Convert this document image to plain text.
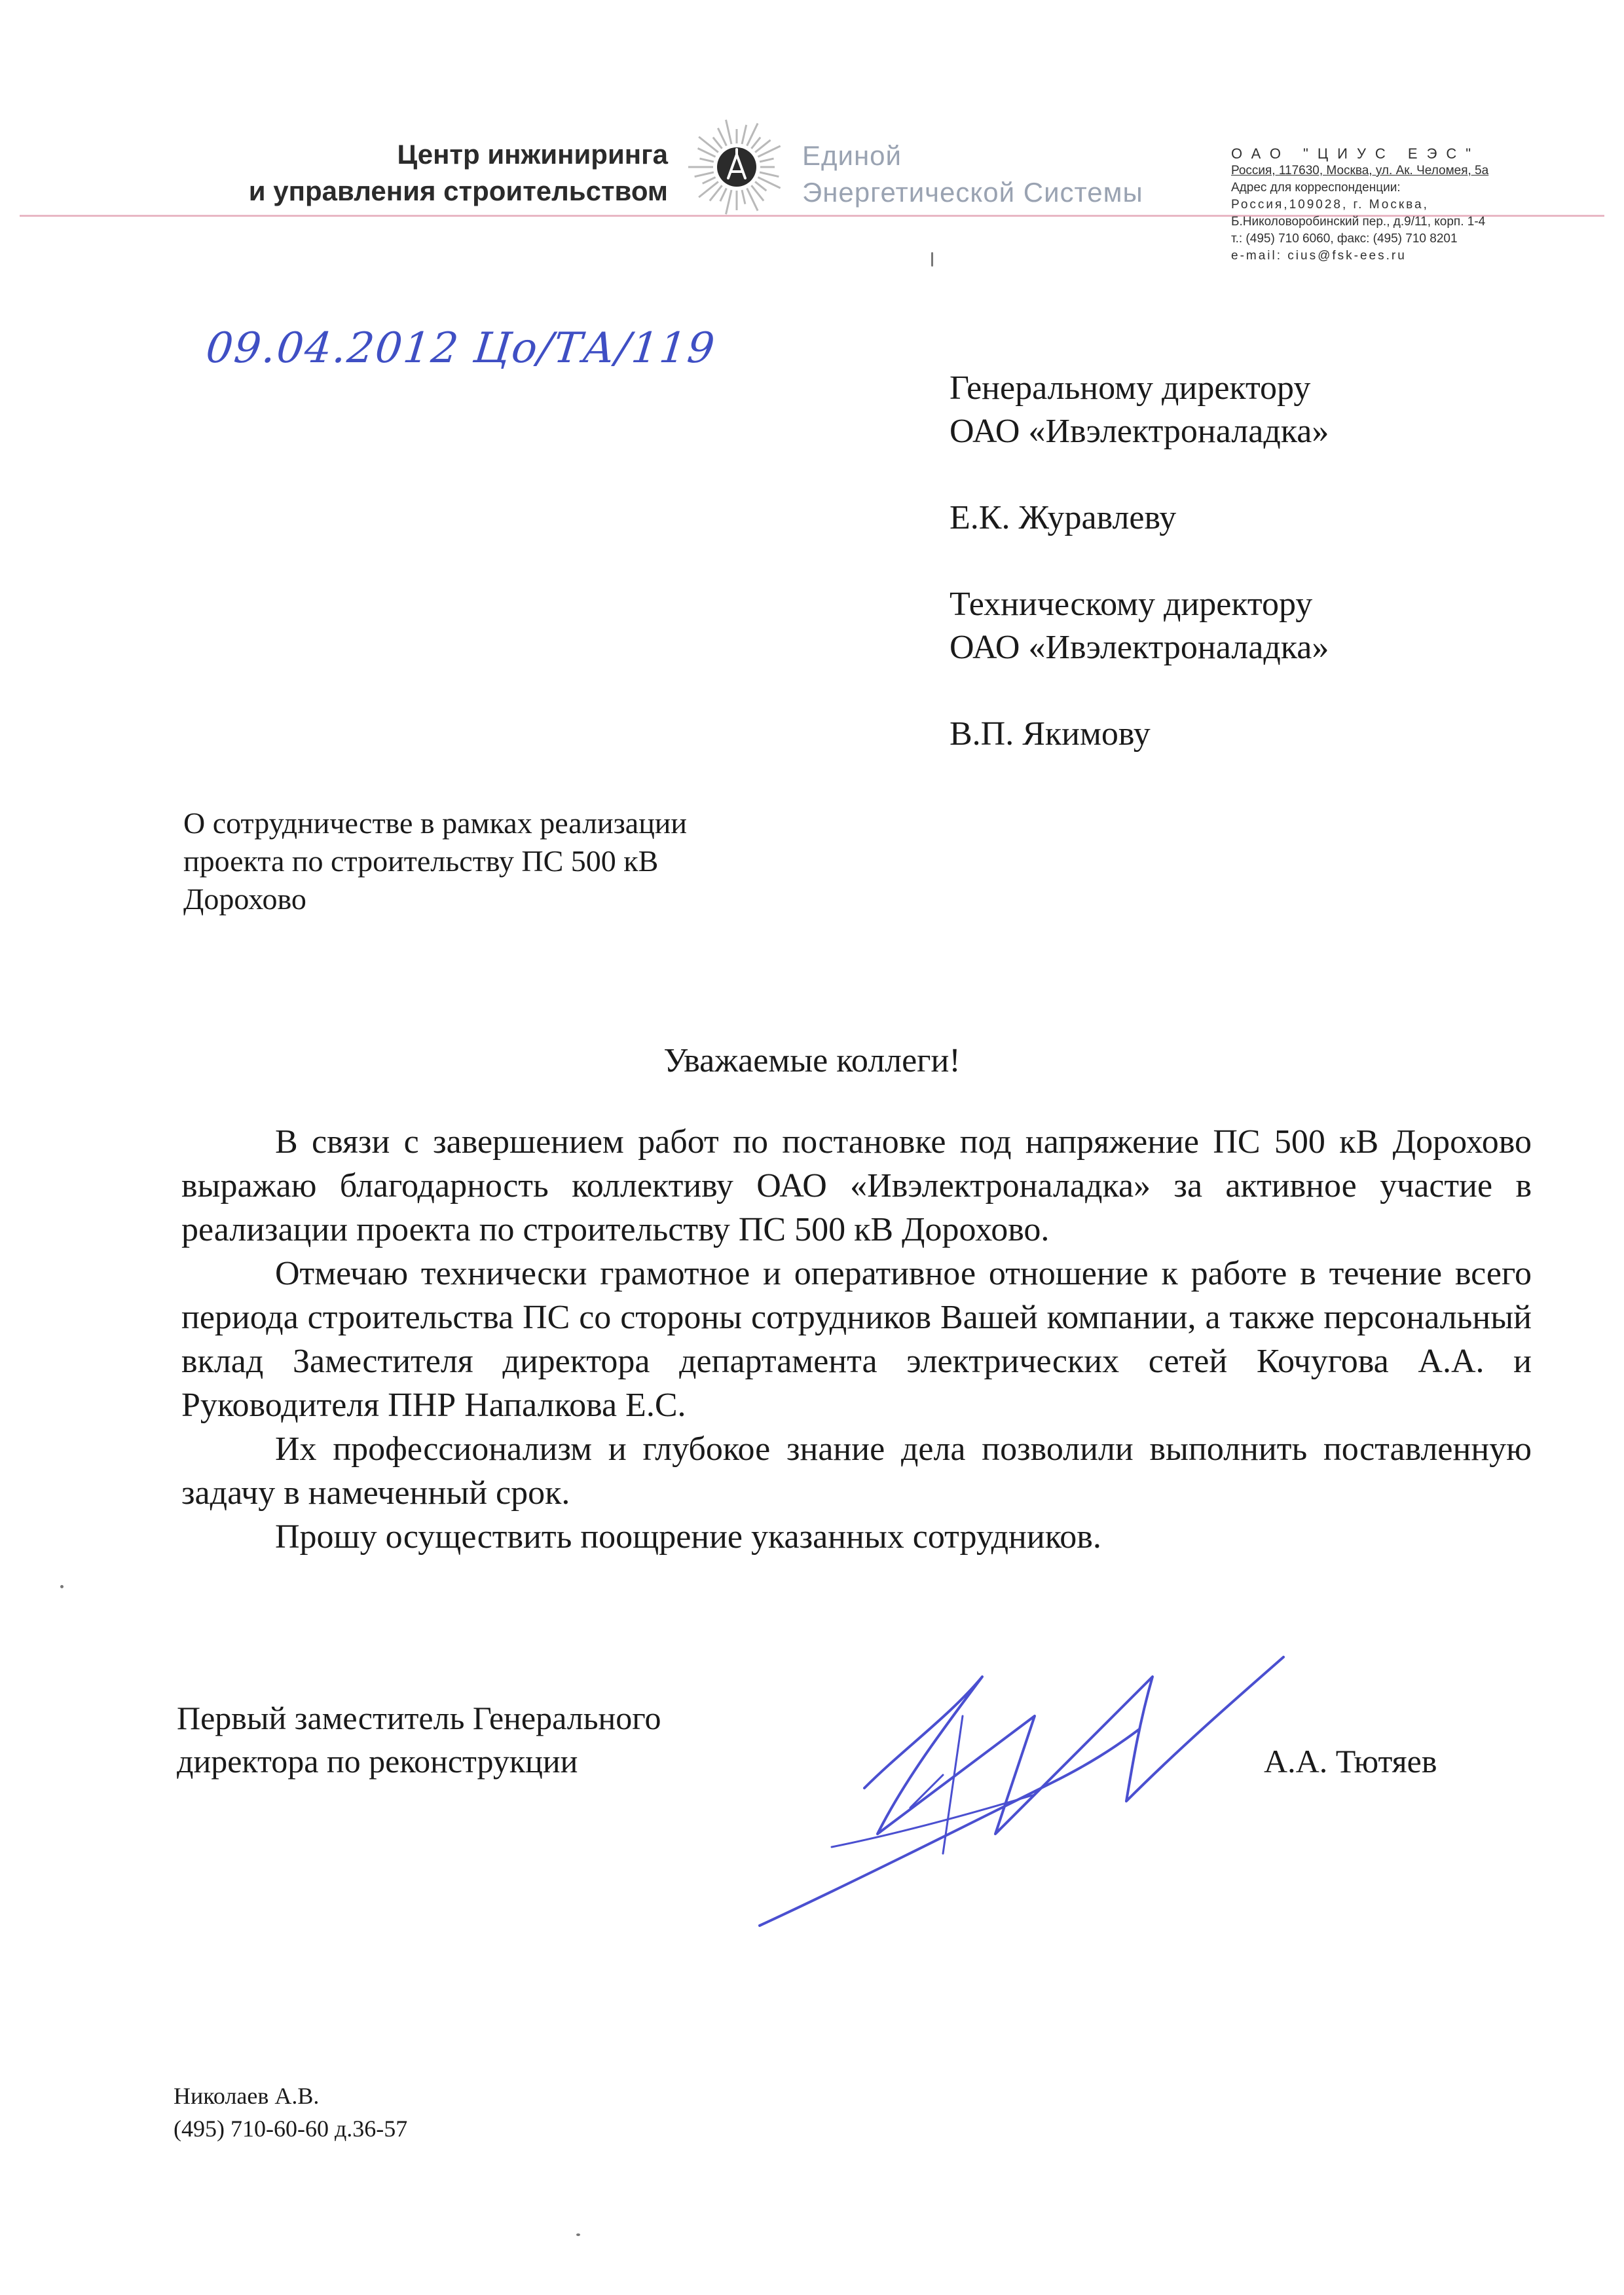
Центр инжиниринга
и управления строительством
Единой
Энергетической Системы
ОАО "ЦИУС ЕЭС"
Россия, 117630, Москва, ул. Ак. Челомея, 5а
Адрес для корреспонденции:
Россия,109028, г. Москва,
Б.Николоворобинский пер., д.9/11, корп. 1-4
т.: (495) 710 6060, факс: (495) 710 8201
e-mail: cius@fsk-ees.ru
09.04.2012 Цо/ТА/119
Генеральному директору
ОАО «Ивэлектроналадка»
Е.К. Журавлеву
Техническому директору
ОАО «Ивэлектроналадка»
В.П. Якимову
О сотрудничестве в рамках реализации
проекта по строительству ПС 500 кВ
Дорохово
Уважаемые коллеги!

В связи с завершением работ по постановке под напряжение ПС 500 кВ Дорохово выражаю благодарность коллективу ОАО «Ивэлектроналадка» за активное участие в реализации проекта по строительству ПС 500 кВ Дорохово.

Отмечаю технически грамотное и оперативное отношение к работе в течение всего периода строительства ПС со стороны сотрудников Вашей компании, а также персональный вклад Заместителя директора департамента электрических сетей Кочугова А.А. и Руководителя ПНР Напалкова Е.С.

Их профессионализм и глубокое знание дела позволили выполнить поставленную задачу в намеченный срок.

Прошу осуществить поощрение указанных сотрудников.

Первый заместитель Генерального
директора по реконструкции	А.А. Тютяев
Николаев А.В.
(495) 710-60-60 д.36-57
